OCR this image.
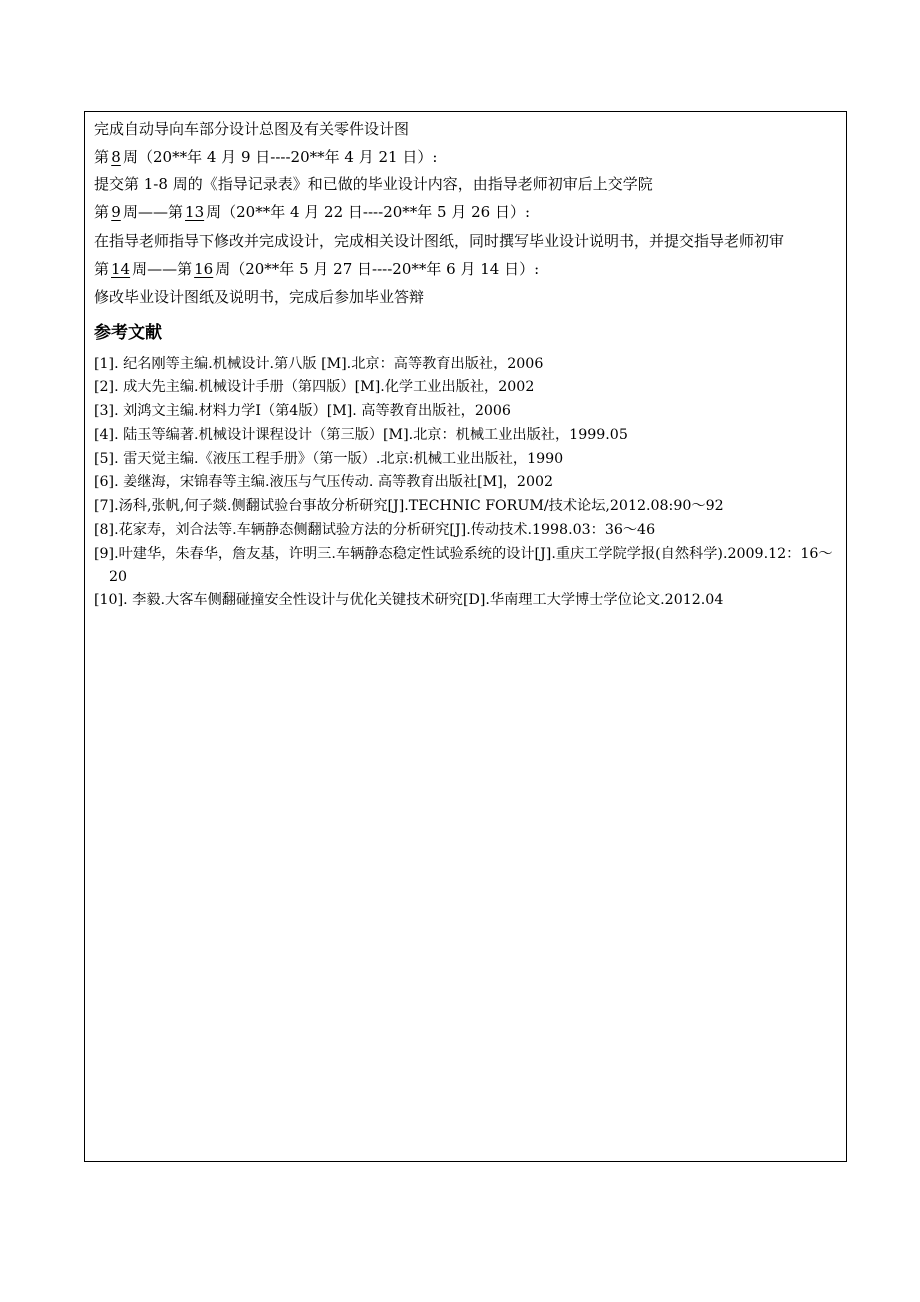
完成自动导向车部分设计总图及有关零件设计图
第 8 周（20**年 4 月 9 日----20**年 4 月 21 日）:
提交第 1-8 周的《指导记录表》和已做的毕业设计内容，由指导老师初审后上交学院
第 9 周——第 13 周（20**年 4 月 22 日----20**年 5 月 26 日）:
在指导老师指导下修改并完成设计，完成相关设计图纸，同时撰写毕业设计说明书，并提交指导老师初审
第 14 周——第 16 周（20**年 5 月 27 日----20**年 6 月 14 日）:
修改毕业设计图纸及说明书，完成后参加毕业答辩
参考文献
[1]. 纪名刚等主编.机械设计.第八版 [M].北京：高等教育出版社，2006
[2]. 成大先主编.机械设计手册（第四版）[M].化学工业出版社，2002
[3]. 刘鸿文主编.材料力学I（第4版）[M]. 高等教育出版社，2006
[4]. 陆玉等编著.机械设计课程设计（第三版）[M].北京：机械工业出版社，1999.05
[5]. 雷天觉主编.《液压工程手册》（第一版）.北京:机械工业出版社，1990
[6]. 姜继海，宋锦春等主编.液压与气压传动. 高等教育出版社[M]，2002
[7].汤科,张帆,何子燚.侧翻试验台事故分析研究[J].TECHNIC FORUM/技术论坛,2012.08:90～92
[8].花家寿，刘合法等.车辆静态侧翻试验方法的分析研究[J].传动技术.1998.03：36～46
[9].叶建华，朱春华，詹友基，许明三.车辆静态稳定性试验系统的设计[J].重庆工学院学报(自然科学).2009.12：16～20
[10]. 李毅.大客车侧翻碰撞安全性设计与优化关键技术研究[D].华南理工大学博士学位论文.2012.04
